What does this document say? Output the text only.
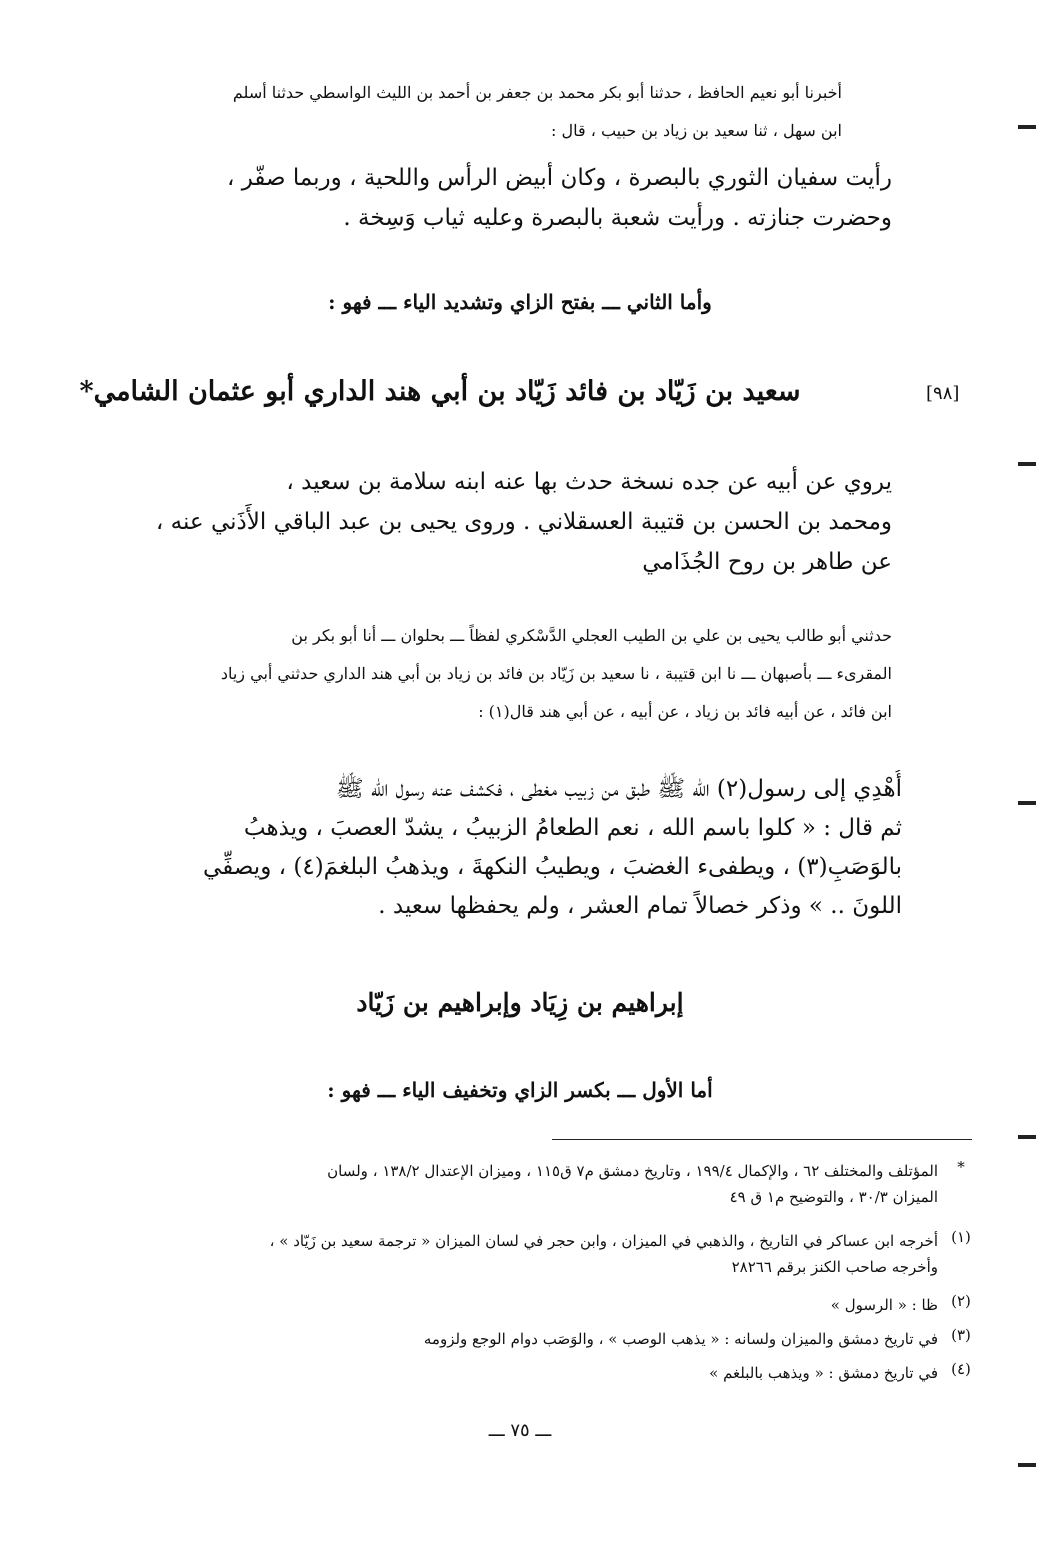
أخبرنا أبو نعيم الحافظ ، حدثنا أبو بكر محمد بن جعفر بن أحمد بن الليث الواسطي حدثنا أسلم
ابن سهل ، ثنا سعيد بن زياد بن حبيب ، قال :
رأيت سفيان الثوري بالبصرة ، وكان أبيض الرأس واللحية ، وربما صفّر ،
وحضرت جنازته . ورأيت شعبة بالبصرة وعليه ثياب وَسِخة .

وأما الثاني ـــ بفتح الزاي وتشديد الياء ـــ فهو :

[٩٨]

سعيد بن زَيّاد بن فائد زَيّاد بن أبي هند الداري أبو عثمان الشامي*

يروي عن أبيه عن جده نسخة حدث بها عنه ابنه سلامة بن سعيد ،
ومحمد بن الحسن بن قتيبة العسقلاني . وروى يحيى بن عبد الباقي الأَذَني عنه ،
عن طاهر بن روح الجُذَامي
حدثني أبو طالب يحيى بن علي بن الطيب العجلي الدَّسْكري لفظاً ـــ بحلوان ـــ أنا أبو بكر بن
المقرىء ـــ بأصبهان ـــ نا ابن قتيبة ، نا سعيد بن زَيّاد بن فائد بن زياد بن أبي هند الداري حدثني أبي زياد
ابن فائد ، عن أبيه فائد بن زياد ، عن أبيه ، عن أبي هند قال(١) :
أُهْدِي إلى رسول(٢) الله ﷺ طبق من زبيب مغطى ، فكشف عنه رسول الله ﷺ
ثم قال : « كلوا باسم الله ، نعم الطعامُ الزبيبُ ، يشدّ العصبَ ، ويذهبُ
بالوَصَبِ(٣) ، ويطفىء الغضبَ ، ويطيبُ النكهةَ ، ويذهبُ البلغمَ(٤) ، ويصفِّي
اللونَ .. » وذكر خصالاً تمام العشر ، ولم يحفظها سعيد .

إبراهيم بن زِيَاد وإبراهيم بن زَيّاد

أما الأول ـــ بكسر الزاي وتخفيف الياء ـــ فهو :

*
المؤتلف والمختلف ٦٢ ، والإكمال ١٩٩/٤ ، وتاريخ دمشق م٧ ق١١٥ ، وميزان الإعتدال ١٣٨/٢ ، ولسان
الميزان ٣٠/٣ ، والتوضيح م١ ق ٤٩
(١)
أخرجه ابن عساكر في التاريخ ، والذهبي في الميزان ، وابن حجر في لسان الميزان « ترجمة سعيد بن زَيّاد » ،
وأخرجه صاحب الكنز برقم ٢٨٢٦٦
(٢)
ظا : « الرسول »
(٣)
في تاريخ دمشق والميزان ولسانه : « يذهب الوصب » ، والوَصَب دوام الوجع ولزومه
(٤)
في تاريخ دمشق : « ويذهب بالبلغم »
ـــ ٧٥ ـــ
